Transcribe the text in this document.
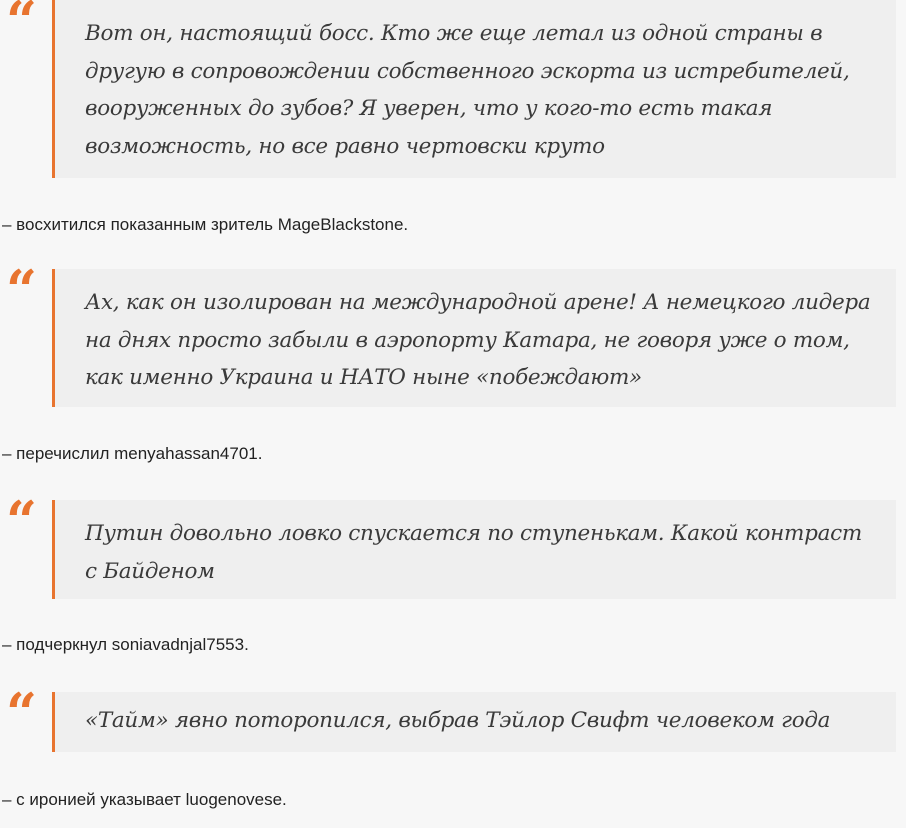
“ Вот он, настоящий босс. Кто же еще летал из одной страны в другую в сопровождении собственного эскорта из истребителей, вооруженных до зубов? Я уверен, что у кого-то есть такая возможность, но все равно чертовски круто

– восхитился показанным зритель MageBlackstone.

“ Ах, как он изолирован на международной арене! А немецкого лидера на днях просто забыли в аэропорту Катара, не говоря уже о том, как именно Украина и НАТО ныне «побеждают»

– перечислил menyahassan4701.

“ Путин довольно ловко спускается по ступенькам. Какой контраст с Байденом

– подчеркнул soniavadnjal7553.

“ «Тайм» явно поторопился, выбрав Тэйлор Свифт человеком года

– с иронией указывает luogenovese.
